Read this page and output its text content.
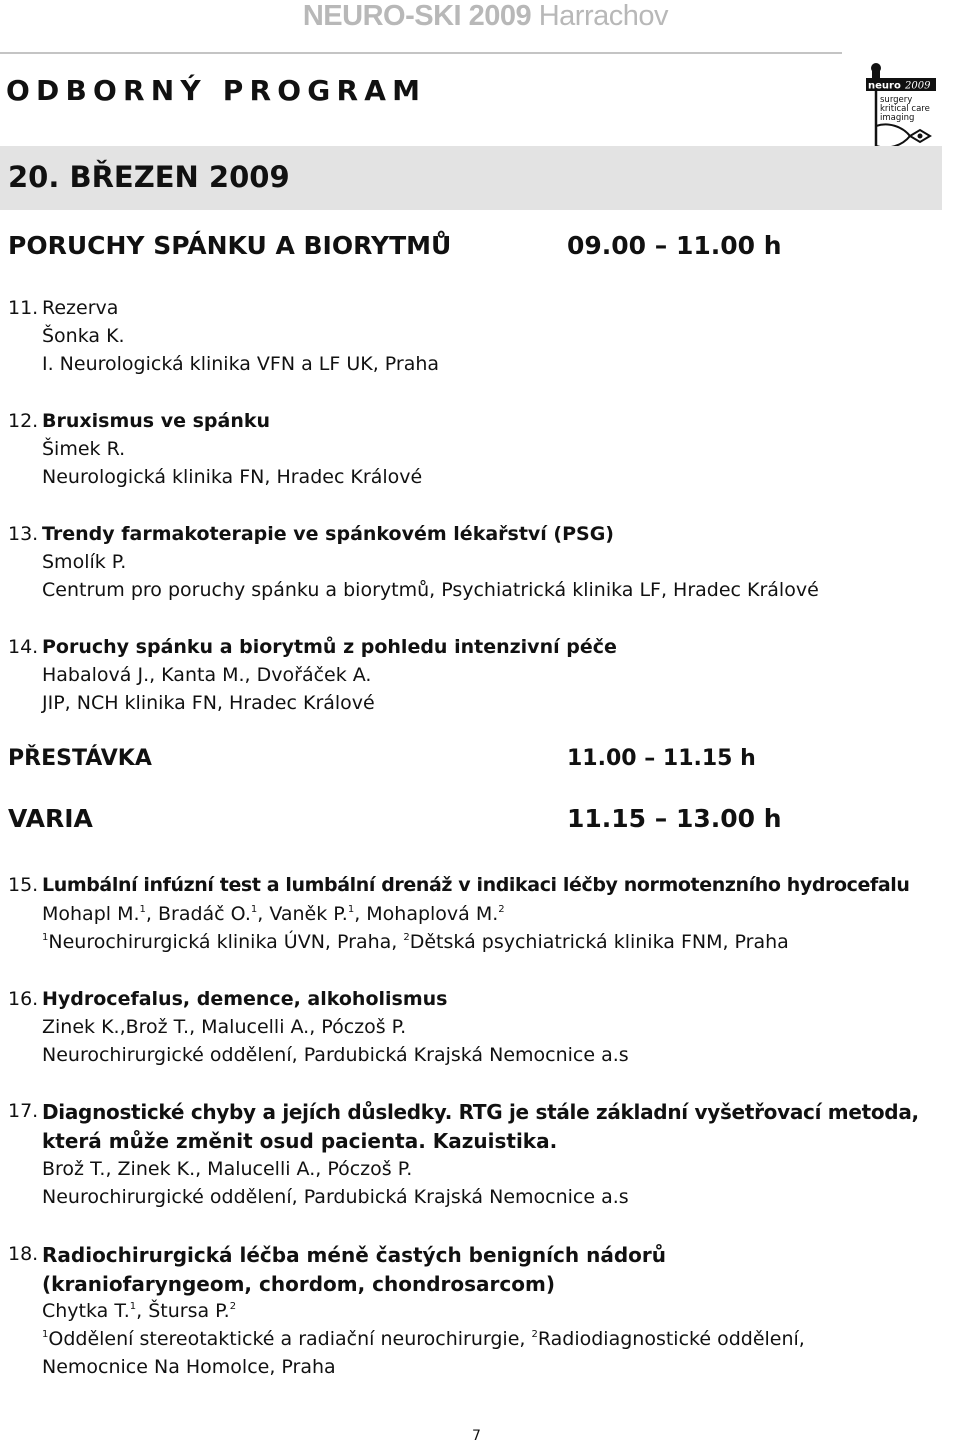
NEURO-SKI 2009 Harrachov
ODBORNÝ PROGRAM	neuro 2009
surgery
kritical care
imaging
20. BŘEZEN 2009
PORUCHY SPÁNKU A BIORYTMŮ	09.00 – 11.00 h
11. Rezerva
Šonka K.
I. Neurologická klinika VFN a LF UK, Praha
12. Bruxismus ve spánku
Šimek R.
Neurologická klinika FN, Hradec Králové
13. Trendy farmakoterapie ve spánkovém lékařství (PSG)
Smolík P.
Centrum pro poruchy spánku a biorytmů, Psychiatrická klinika LF, Hradec Králové
14. Poruchy spánku a biorytmů z pohledu intenzivní péče
Habalová J., Kanta M., Dvořáček A.
JIP, NCH klinika FN, Hradec Králové
PŘESTÁVKA	11.00 – 11.15 h
VARIA	11.15 – 13.00 h
15. Lumbální infúzní test a lumbální drenáž v indikaci léčby normotenzního hydrocefalu
Mohapl M.$^1$, Bradáč O.$^1$, Vaněk P.$^1$, Mohaplová M.$^2$
$^1$Neurochirurgická klinika ÚVN, Praha, $^2$Dětská psychiatrická klinika FNM, Praha
16. Hydrocefalus, demence, alkoholismus
Zinek K.,Brož T., Malucelli A., Póczoš P.
Neurochirurgické oddělení, Pardubická Krajská Nemocnice a.s
17. Diagnostické chyby a jejích důsledky. RTG je stále základní vyšetřovací metoda,
která může změnit osud pacienta. Kazuistika.
Brož T., Zinek K., Malucelli A., Póczoš P.
Neurochirurgické oddělení, Pardubická Krajská Nemocnice a.s
18. Radiochirurgická léčba méně častých benigních nádorů
(kraniofaryngeom, chordom, chondrosarcom)
Chytka T.$^1$, Štursa P.$^2$
$^1$Oddělení stereotaktické a radiační neurochirurgie, $^2$Radiodiagnostické oddělení,
Nemocnice Na Homolce, Praha
7
